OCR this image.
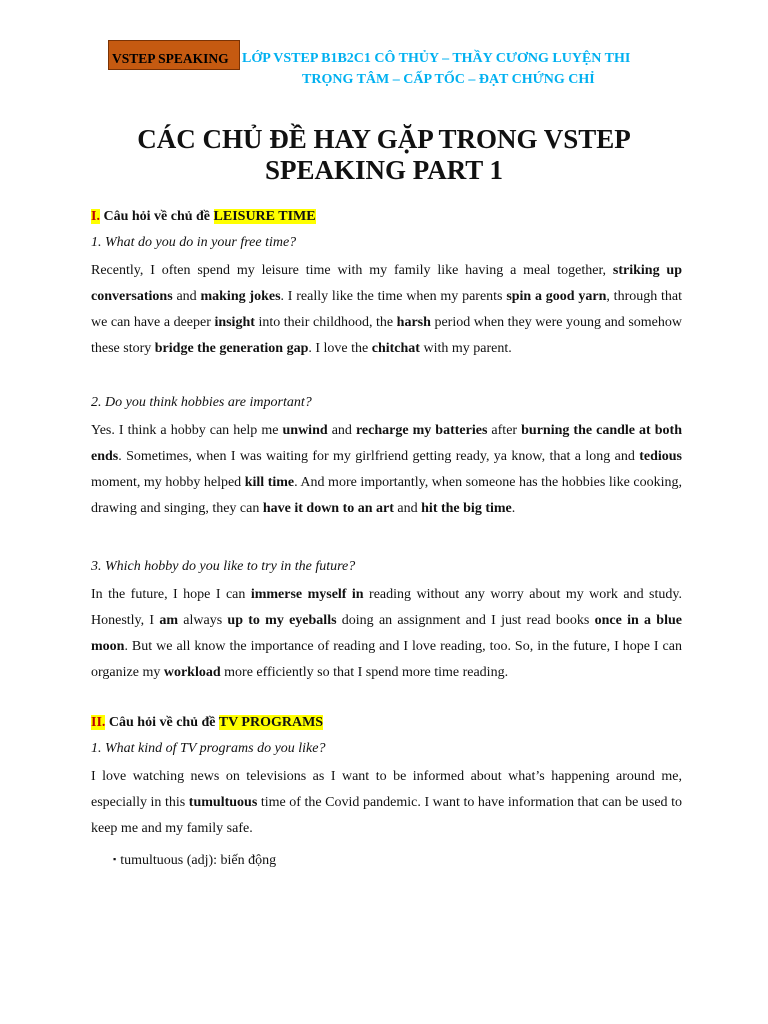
VSTEP SPEAKING LỚP VSTEP B1B2C1 CÔ THỦY – THẦY CƯƠNG LUYỆN THI
TRỌNG TÂM – CẤP TỐC – ĐẠT CHỨNG CHỈ
CÁC CHỦ ĐỀ HAY GẶP TRONG VSTEP
SPEAKING PART 1

I. Câu hỏi về chủ đề LEISURE TIME

1. What do you do in your free time?

Recently, I often spend my leisure time with my family like having a meal together, striking up conversations and making jokes. I really like the time when my parents spin a good yarn, through that we can have a deeper insight into their childhood, the harsh period when they were young and somehow these story bridge the generation gap. I love the chitchat with my parent.

2. Do you think hobbies are important?

Yes. I think a hobby can help me unwind and recharge my batteries after burning the candle at both ends. Sometimes, when I was waiting for my girlfriend getting ready, ya know, that a long and tedious moment, my hobby helped kill time. And more importantly, when someone has the hobbies like cooking, drawing and singing, they can have it down to an art and hit the big time.

3. Which hobby do you like to try in the future?

In the future, I hope I can immerse myself in reading without any worry about my work and study. Honestly, I am always up to my eyeballs doing an assignment and I just read books once in a blue moon. But we all know the importance of reading and I love reading, too. So, in the future, I hope I can organize my workload more efficiently so that I spend more time reading.

II. Câu hỏi về chủ đề TV PROGRAMS

1. What kind of TV programs do you like?

I love watching news on televisions as I want to be informed about what’s happening around me, especially in this tumultuous time of the Covid pandemic. I want to have information that can be used to keep me and my family safe.

▪ tumultuous (adj): biến động
